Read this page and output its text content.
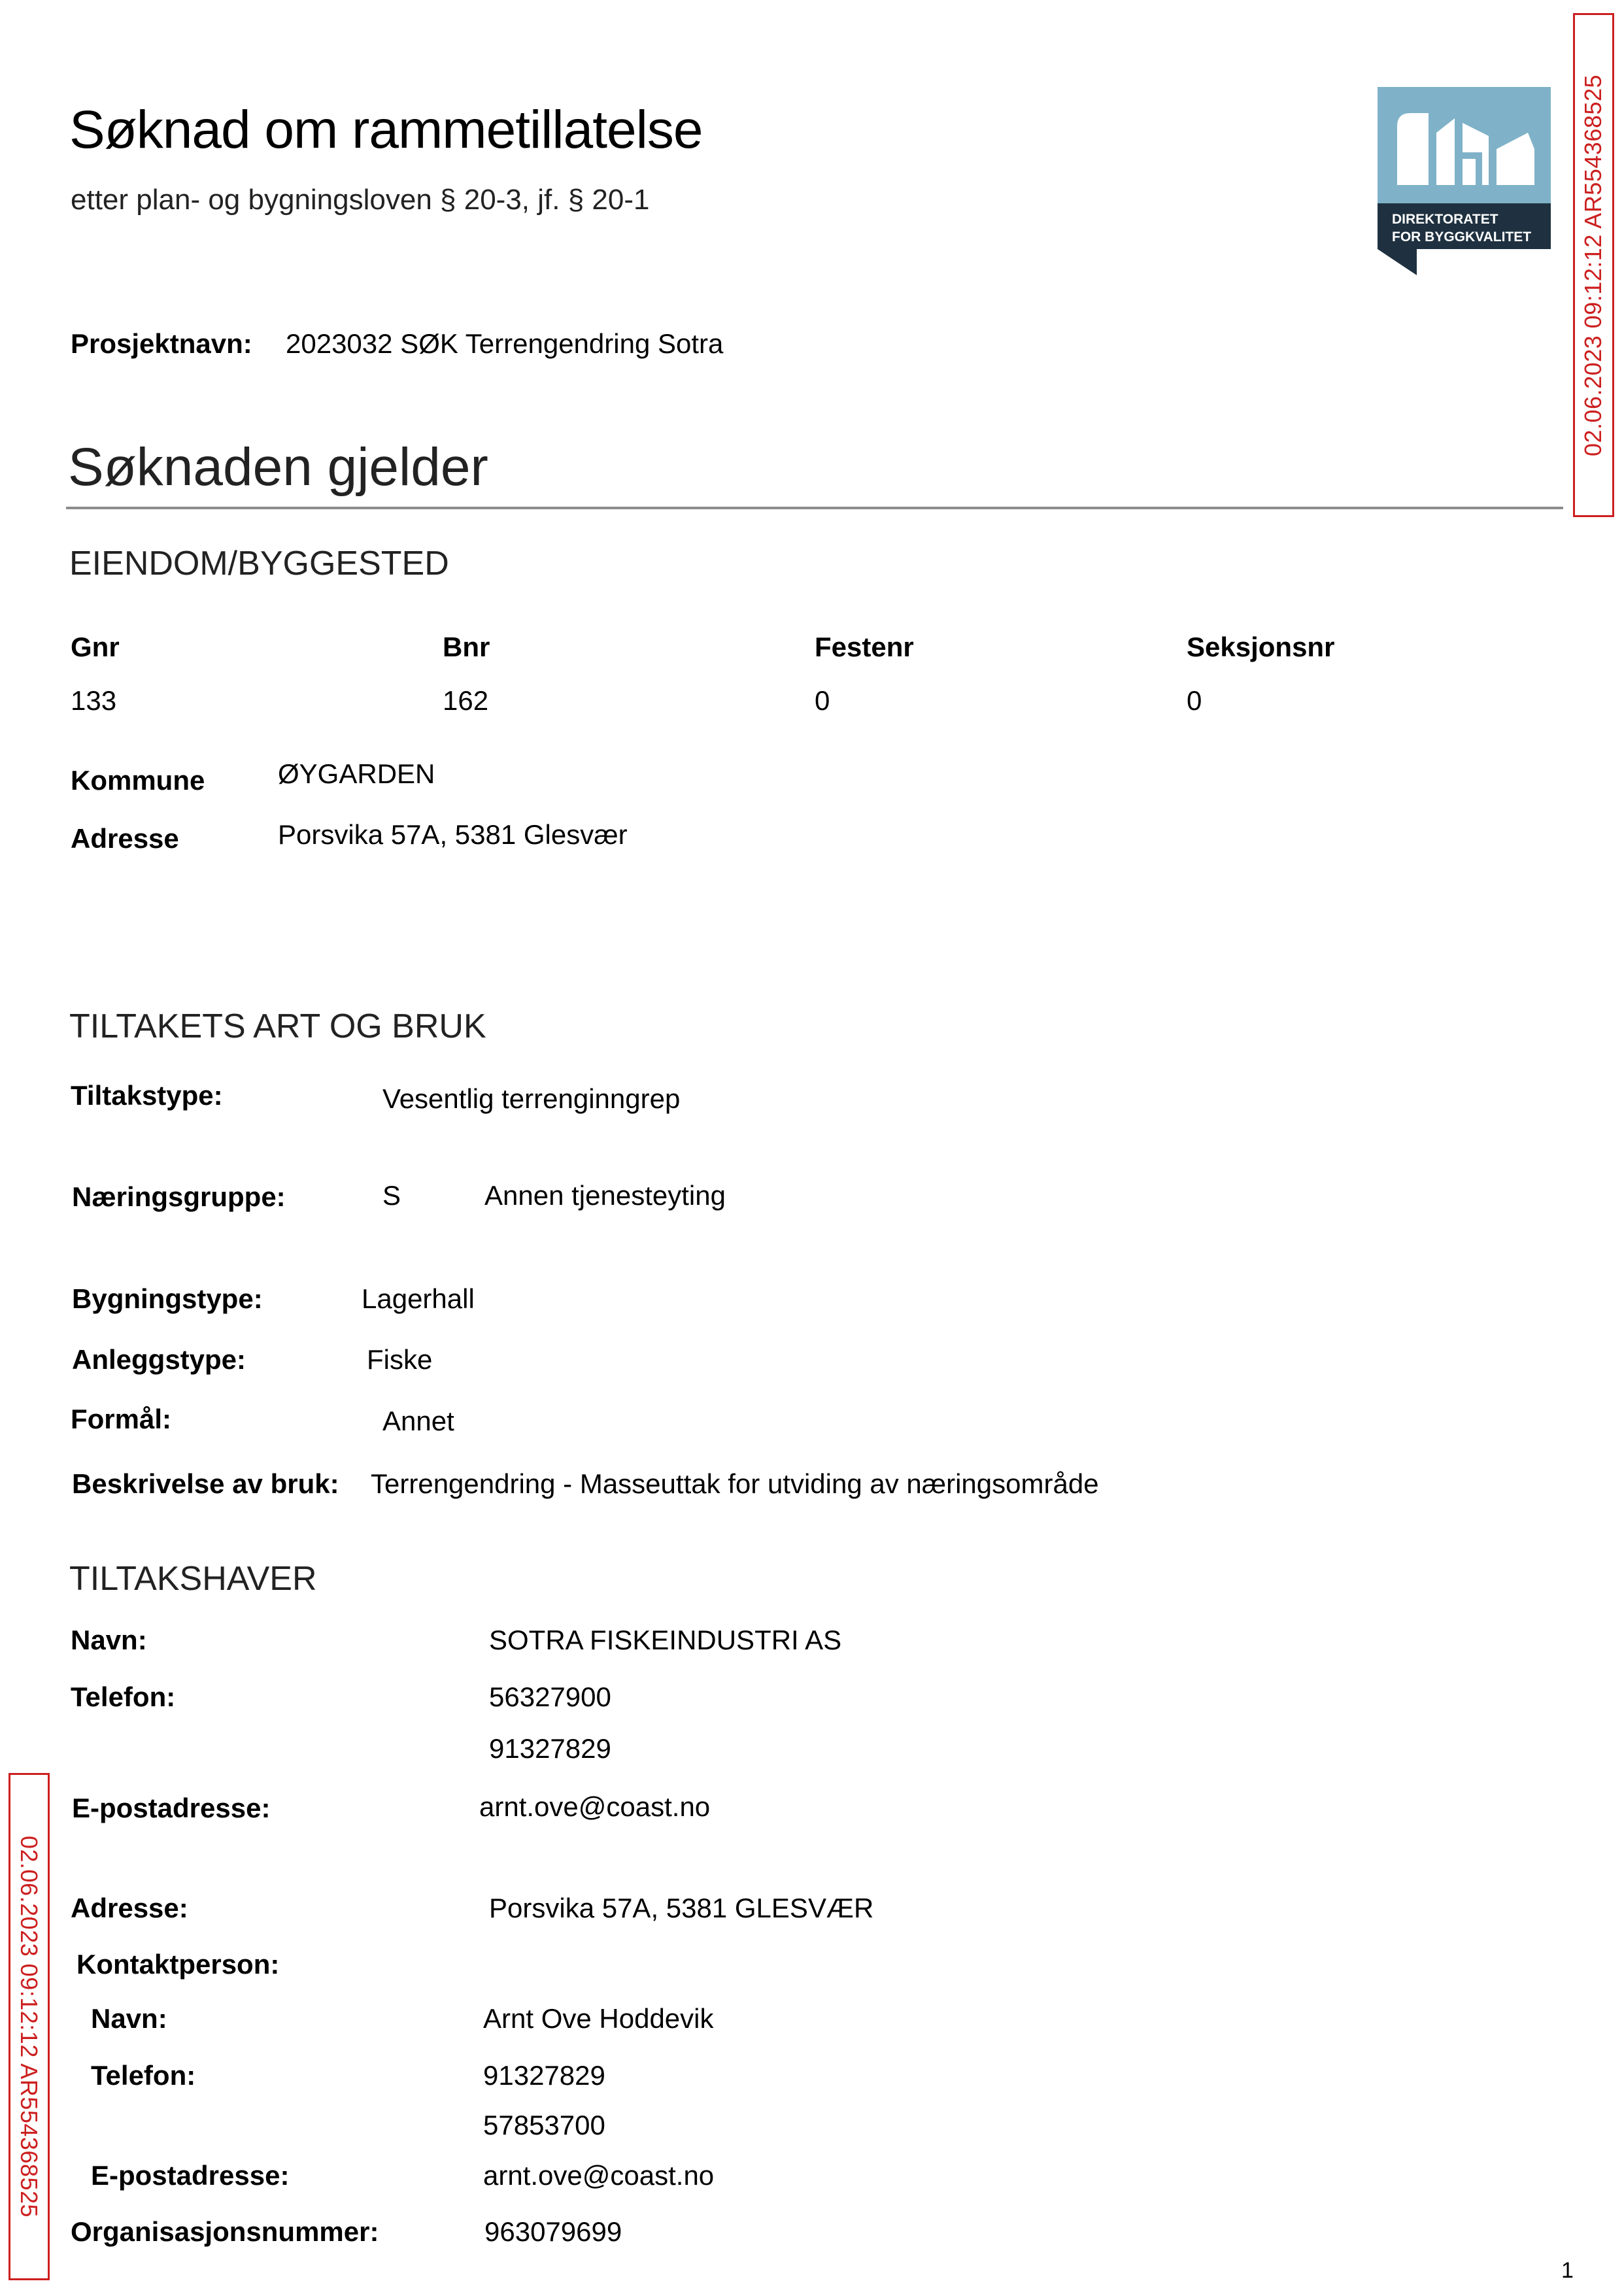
Søknad om rammetillatelse
etter plan- og bygningsloven § 20-3, jf. § 20-1
DIREKTORATET
FOR BYGGKVALITET 02.06.2023 09:12:12 AR554368525
02.06.2023 09:12:12 AR554368525
Prosjektnavn: 2023032 SØK Terrengendring Sotra
Søknaden gjelder
EIENDOM/BYGGESTED
Gnr	Bnr	Festenr	Seksjonsnr
133	162	0	0
Kommune	ØYGARDEN
Adresse	Porsvika 57A, 5381 Glesvær
TILTAKETS ART OG BRUK
Tiltakstype:	Vesentlig terrenginngrep
Næringsgruppe:	S	Annen tjenesteyting
Bygningstype:	Lagerhall
Anleggstype:	Fiske
Formål:	Annet
Beskrivelse av bruk: Terrengendring - Masseuttak for utviding av næringsområde
TILTAKSHAVER
Navn:	SOTRA FISKEINDUSTRI AS
Telefon:	56327900
91327829
E-postadresse:	arnt.ove@coast.no
Adresse:	Porsvika 57A, 5381 GLESVÆR
Kontaktperson:
Navn:	Arnt Ove Hoddevik
Telefon:	91327829
57853700
E-postadresse:	arnt.ove@coast.no
Organisasjonsnummer:	963079699
1
